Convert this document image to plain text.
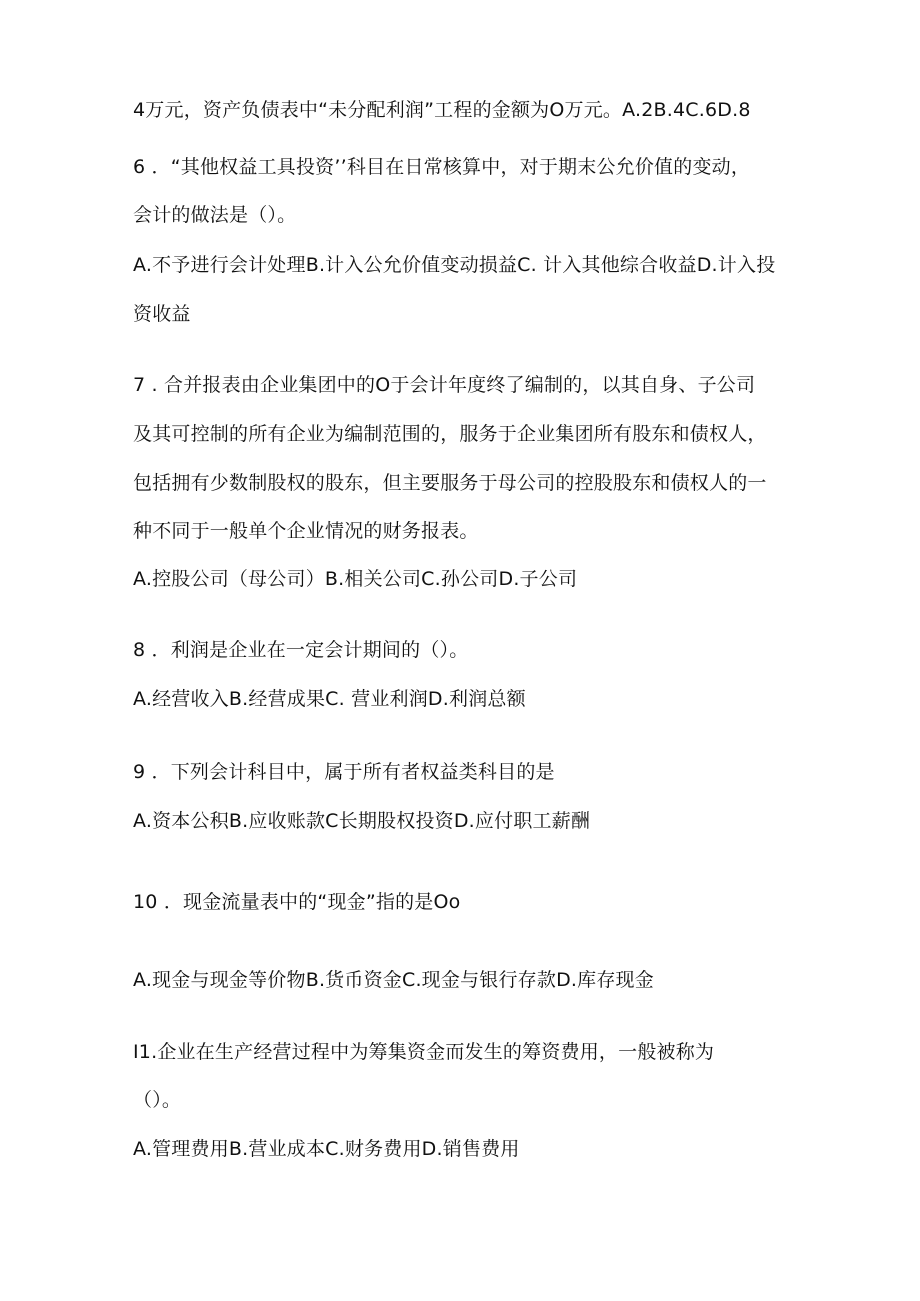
4万元，资产负债表中“未分配利润”工程的金额为O万元。A.2B.4C.6D.8
6 ．“其他权益工具投资’’科目在日常核算中，对于期末公允价值的变动，
会计的做法是（）。
A.不予进行会计处理B.计入公允价值变动损益C. 计入其他综合收益D.计入投
资收益
7 . 合并报表由企业集团中的O于会计年度终了编制的，以其自身、子公司
及其可控制的所有企业为编制范围的，服务于企业集团所有股东和债权人，
包括拥有少数制股权的股东，但主要服务于母公司的控股股东和债权人的一
种不同于一般单个企业情况的财务报表。
A.控股公司（母公司）B.相关公司C.孙公司D.子公司
8 ．利润是企业在一定会计期间的（）。
A.经营收入B.经营成果C. 营业利润D.利润总额
9 ．下列会计科目中，属于所有者权益类科目的是
A.资本公积B.应收账款C长期股权投资D.应付职工薪酬
10 ．现金流量表中的“现金”指的是Oo
A.现金与现金等价物B.货币资金C.现金与银行存款D.库存现金
I1.企业在生产经营过程中为筹集资金而发生的筹资费用，一般被称为
（）。
A.管理费用B.营业成本C.财务费用D.销售费用
